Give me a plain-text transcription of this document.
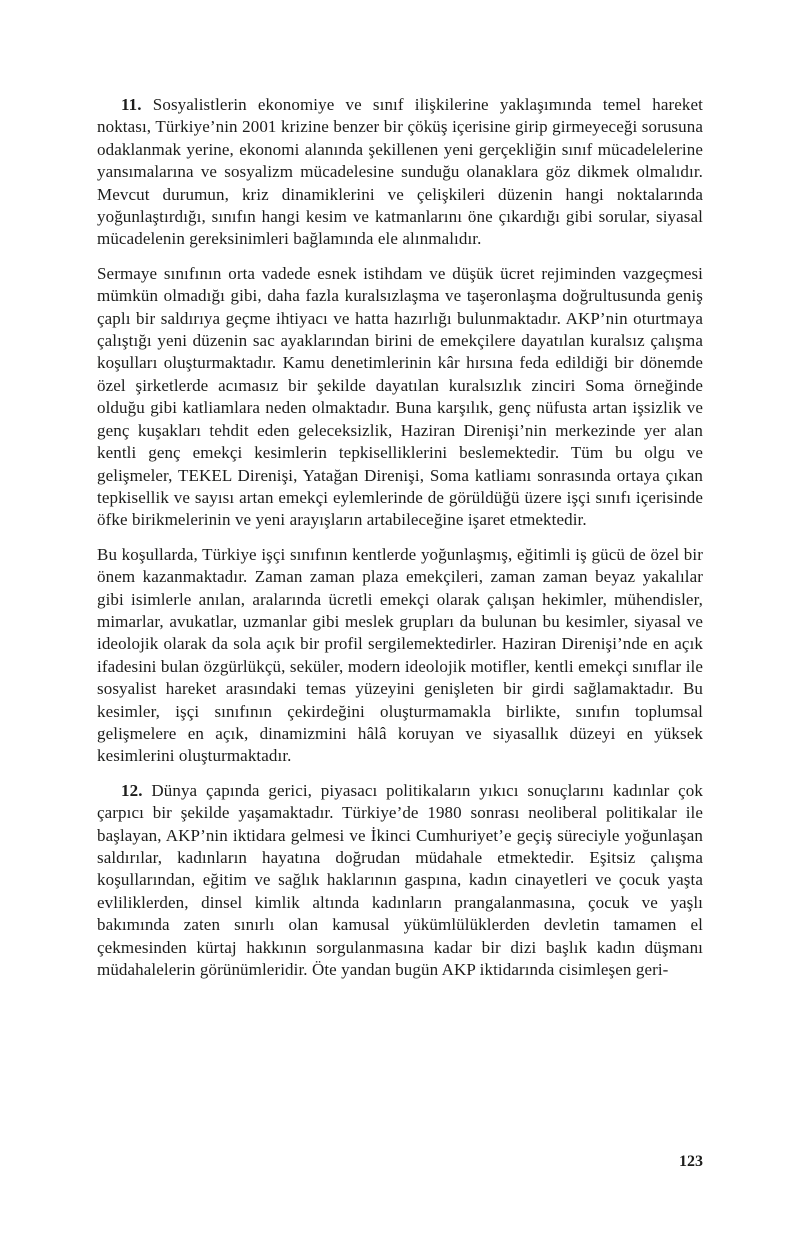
11. Sosyalistlerin ekonomiye ve sınıf ilişkilerine yaklaşımında temel hareket noktası, Türkiye’nin 2001 krizine benzer bir çöküş içerisine girip girmeyeceği sorusuna odaklanmak yerine, ekonomi alanında şekillenen yeni gerçekliğin sınıf mücadelelerine yansımalarına ve sosyalizm mücadelesine sunduğu olanaklara göz dikmek olmalıdır. Mevcut durumun, kriz dinamiklerini ve çelişkileri düzenin hangi noktalarında yoğunlaştırdığı, sınıfın hangi kesim ve katmanlarını öne çıkardığı gibi sorular, siyasal mücadelenin gereksinimleri bağlamında ele alınmalıdır.

Sermaye sınıfının orta vadede esnek istihdam ve düşük ücret rejiminden vazgeçmesi mümkün olmadığı gibi, daha fazla kuralsızlaşma ve taşeronlaşma doğrultusunda geniş çaplı bir saldırıya geçme ihtiyacı ve hatta hazırlığı bulunmaktadır. AKP’nin oturtmaya çalıştığı yeni düzenin sac ayaklarından birini de emekçilere dayatılan kuralsız çalışma koşulları oluşturmaktadır. Kamu denetimlerinin kâr hırsına feda edildiği bir dönemde özel şirketlerde acımasız bir şekilde dayatılan kuralsızlık zinciri Soma örneğinde olduğu gibi katliamlara neden olmaktadır. Buna karşılık, genç nüfusta artan işsizlik ve genç kuşakları tehdit eden geleceksizlik, Haziran Direnişi’nin merkezinde yer alan kentli genç emekçi kesimlerin tepkiselliklerini beslemektedir. Tüm bu olgu ve gelişmeler, TEKEL Direnişi, Yatağan Direnişi, Soma katliamı sonrasında ortaya çıkan tepkisellik ve sayısı artan emekçi eylemlerinde de görüldüğü üzere işçi sınıfı içerisinde öfke birikmelerinin ve yeni arayışların artabileceğine işaret etmektedir.

Bu koşullarda, Türkiye işçi sınıfının kentlerde yoğunlaşmış, eğitimli iş gücü de özel bir önem kazanmaktadır. Zaman zaman plaza emekçileri, zaman zaman beyaz yakalılar gibi isimlerle anılan, aralarında ücretli emekçi olarak çalışan hekimler, mühendisler, mimarlar, avukatlar, uzmanlar gibi meslek grupları da bulunan bu kesimler, siyasal ve ideolojik olarak da sola açık bir profil sergilemektedirler. Haziran Direnişi’nde en açık ifadesini bulan özgürlükçü, seküler, modern ideolojik motifler, kentli emekçi sınıflar ile sosyalist hareket arasındaki temas yüzeyini genişleten bir girdi sağlamaktadır. Bu kesimler, işçi sınıfının çekirdeğini oluşturmamakla birlikte, sınıfın toplumsal gelişmelere en açık, dinamizmini hâlâ koruyan ve siyasallık düzeyi en yüksek kesimlerini oluşturmaktadır.

12. Dünya çapında gerici, piyasacı politikaların yıkıcı sonuçlarını kadınlar çok çarpıcı bir şekilde yaşamaktadır. Türkiye’de 1980 sonrası neoliberal politikalar ile başlayan, AKP’nin iktidara gelmesi ve İkinci Cumhuriyet’e geçiş süreciyle yoğunlaşan saldırılar, kadınların hayatına doğrudan müdahale etmektedir. Eşitsiz çalışma koşullarından, eğitim ve sağlık haklarının gaspına, kadın cinayetleri ve çocuk yaşta evliliklerden, dinsel kimlik altında kadınların prangalanmasına, çocuk ve yaşlı bakımında zaten sınırlı olan kamusal yükümlülüklerden devletin tamamen el çekmesinden kürtaj hakkının sorgulanmasına kadar bir dizi başlık kadın düşmanı müdahalelerin görünümleridir. Öte yandan bugün AKP iktidarında cisimleşen geri-

123
